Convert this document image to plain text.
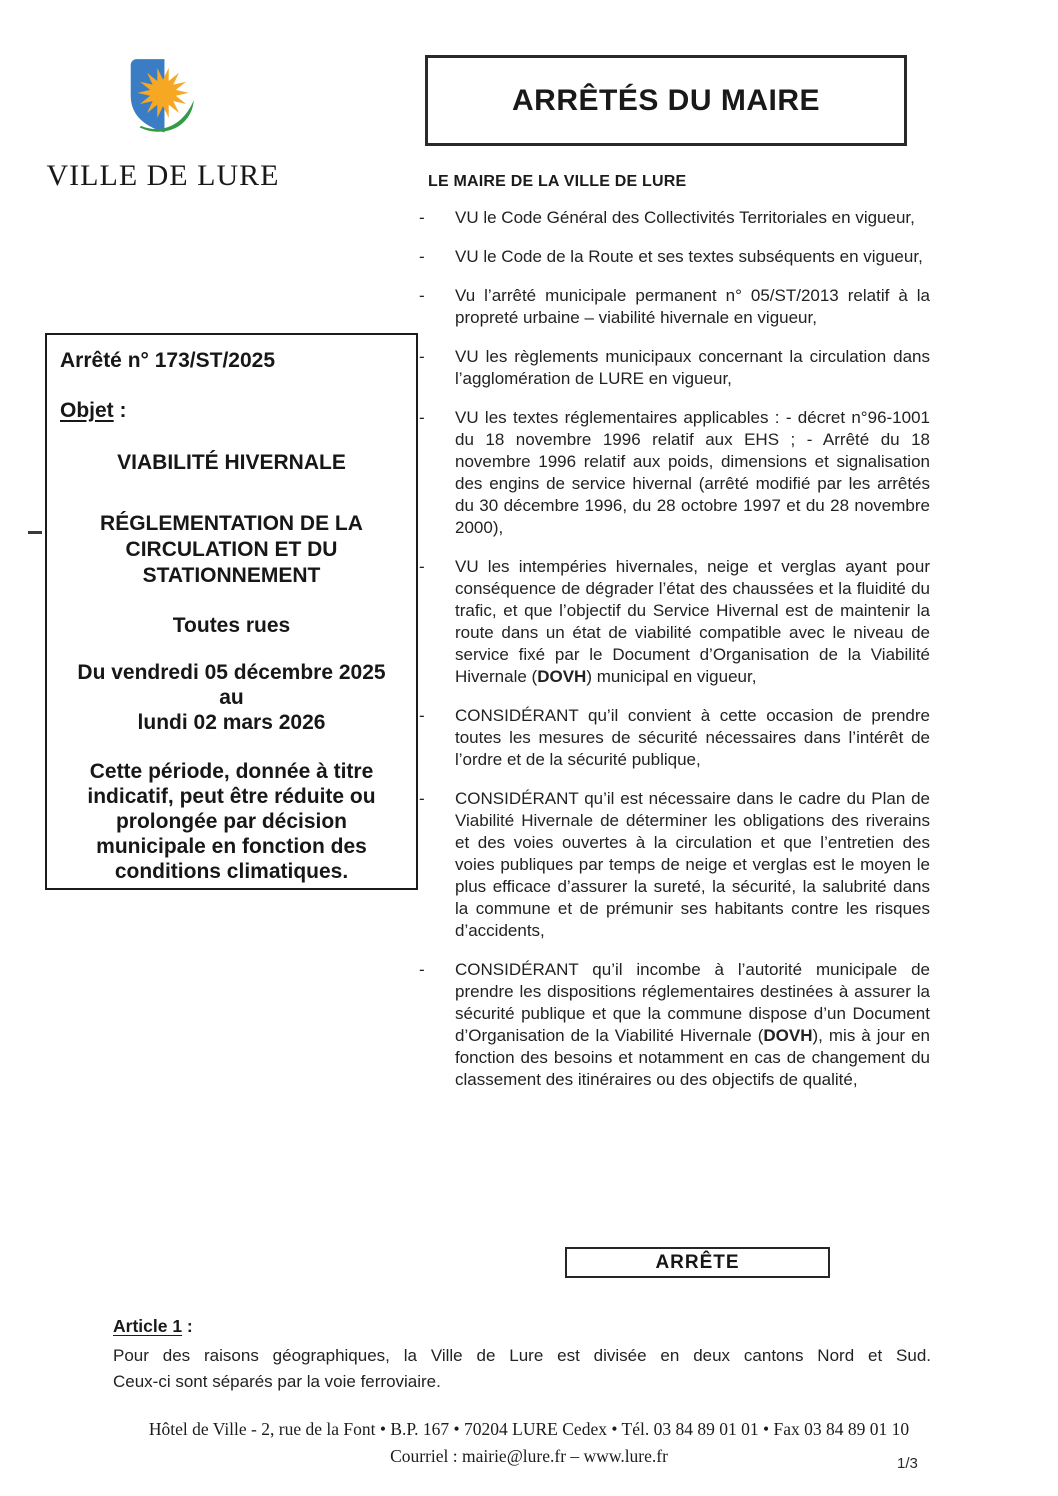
VILLE DE LURE
ARRÊTÉS DU MAIRE
LE MAIRE DE LA VILLE DE LURE
-	VU le Code Général des Collectivités Territoriales en vigueur,
-	VU le Code de la Route et ses textes subséquents en vigueur,
-	Vu l’arrêté municipale permanent n° 05/ST/2013 relatif à la propreté urbaine – viabilité hivernale en vigueur,
-	VU les règlements municipaux concernant la circulation dans l’agglomération de LURE en vigueur,
-	VU les textes réglementaires applicables : - décret n°96-1001 du 18 novembre 1996 relatif aux EHS ; - Arrêté du 18 novembre 1996 relatif aux poids, dimensions et signalisation des engins de service hivernal (arrêté modifié par les arrêtés du 30 décembre 1996, du 28 octobre 1997 et du 28 novembre 2000),
-	VU les intempéries hivernales, neige et verglas ayant pour conséquence de dégrader l’état des chaussées et la fluidité du trafic, et que l’objectif du Service Hivernal est de maintenir la route dans un état de viabilité compatible avec le niveau de service fixé par le Document d’Organisation de la Viabilité Hivernale (DOVH) municipal en vigueur,
-	CONSIDÉRANT qu’il convient à cette occasion de prendre toutes les mesures de sécurité nécessaires dans l’intérêt de l’ordre et de la sécurité publique,
-	CONSIDÉRANT qu’il est nécessaire dans le cadre du Plan de Viabilité Hivernale de déterminer les obligations des riverains et des voies ouvertes à la circulation et que l’entretien des voies publiques par temps de neige et verglas est le moyen le plus efficace d’assurer la sureté, la sécurité, la salubrité dans la commune et de prémunir ses habitants contre les risques d’accidents,
-	CONSIDÉRANT qu’il incombe à l’autorité municipale de prendre les dispositions réglementaires destinées à assurer la sécurité publique et que la commune dispose d’un Document d’Organisation de la Viabilité Hivernale (DOVH), mis à jour en fonction des besoins et notamment en cas de changement du classement des itinéraires ou des objectifs de qualité,
Arrêté n° 173/ST/2025
Objet :
VIABILITÉ HIVERNALE
RÉGLEMENTATION DE LA
CIRCULATION ET DU
STATIONNEMENT
Toutes rues
Du vendredi 05 décembre 2025
au
lundi 02 mars 2026
Cette période, donnée à titre indicatif, peut être réduite ou prolongée par décision municipale en fonction des conditions climatiques.
ARRÊTE
Article 1 :
Pour des raisons géographiques, la Ville de Lure est divisée en deux cantons Nord et Sud.
Ceux-ci sont séparés par la voie ferroviaire.
Hôtel de Ville - 2, rue de la Font • B.P. 167 • 70204 LURE Cedex • Tél. 03 84 89 01 01 • Fax 03 84 89 01 10
Courriel : mairie@lure.fr – www.lure.fr	1/3
